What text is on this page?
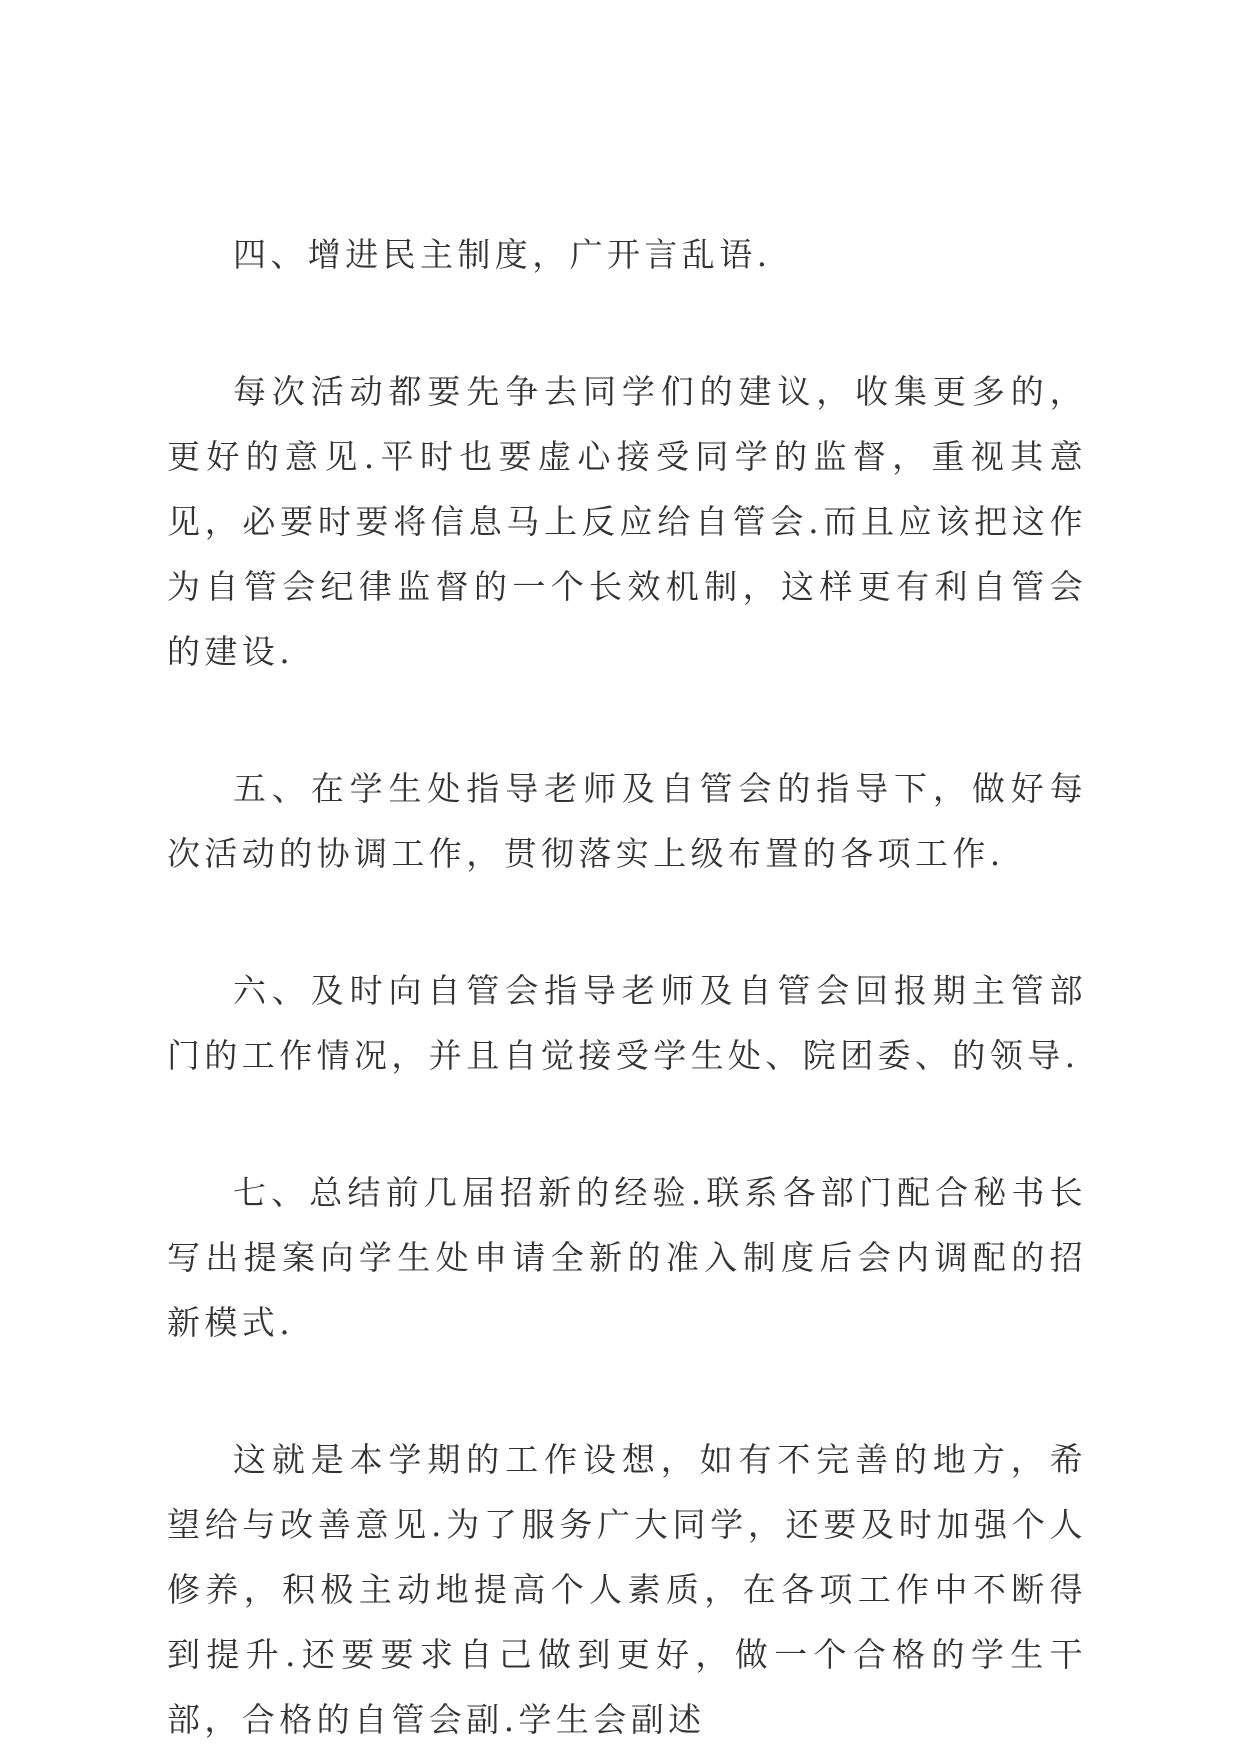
四、增进民主制度，广开言乱语.

每次活动都要先争去同学们的建议，收集更多的，更好的意见.平时也要虚心接受同学的监督，重视其意见，必要时要将信息马上反应给自管会.而且应该把这作为自管会纪律监督的一个长效机制，这样更有利自管会的建设.

五、在学生处指导老师及自管会的指导下，做好每次活动的协调工作，贯彻落实上级布置的各项工作.

六、及时向自管会指导老师及自管会回报期主管部门的工作情况，并且自觉接受学生处、院团委、的领导.

七、总结前几届招新的经验.联系各部门配合秘书长写出提案向学生处申请全新的准入制度后会内调配的招新模式.

这就是本学期的工作设想，如有不完善的地方，希望给与改善意见.为了服务广大同学，还要及时加强个人修养，积极主动地提高个人素质，在各项工作中不断得到提升.还要要求自己做到更好，做一个合格的学生干部，合格的自管会副.学生会副述
